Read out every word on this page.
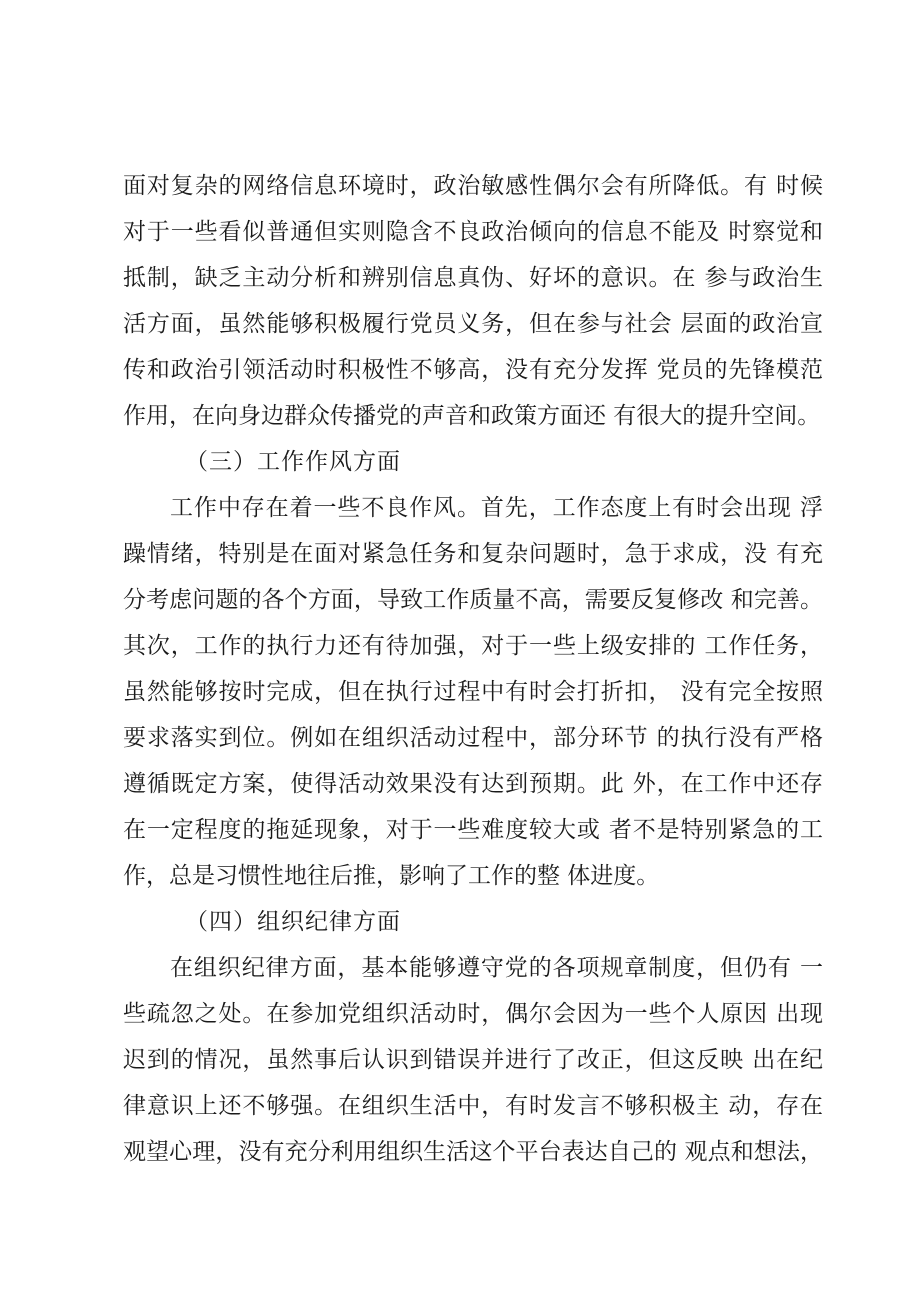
面对复杂的网络信息环境时，政治敏感性偶尔会有所降低。有 时候
对于一些看似普通但实则隐含不良政治倾向的信息不能及 时察觉和
抵制，缺乏主动分析和辨别信息真伪、好坏的意识。在 参与政治生
活方面，虽然能够积极履行党员义务，但在参与社会 层面的政治宣
传和政治引领活动时积极性不够高，没有充分发挥 党员的先锋模范
作用，在向身边群众传播党的声音和政策方面还 有很大的提升空间。
（三）工作作风方面
工作中存在着一些不良作风。首先，工作态度上有时会出现 浮
躁情绪，特别是在面对紧急任务和复杂问题时，急于求成，没 有充
分考虑问题的各个方面，导致工作质量不高，需要反复修改 和完善。
其次，工作的执行力还有待加强，对于一些上级安排的 工作任务，
虽然能够按时完成，但在执行过程中有时会打折扣， 没有完全按照
要求落实到位。例如在组织活动过程中，部分环节 的执行没有严格
遵循既定方案，使得活动效果没有达到预期。此 外，在工作中还存
在一定程度的拖延现象，对于一些难度较大或 者不是特别紧急的工
作，总是习惯性地往后推，影响了工作的整 体进度。
（四）组织纪律方面
在组织纪律方面，基本能够遵守党的各项规章制度，但仍有 一
些疏忽之处。在参加党组织活动时，偶尔会因为一些个人原因 出现
迟到的情况，虽然事后认识到错误并进行了改正，但这反映 出在纪
律意识上还不够强。在组织生活中，有时发言不够积极主 动，存在
观望心理，没有充分利用组织生活这个平台表达自己的 观点和想法，
